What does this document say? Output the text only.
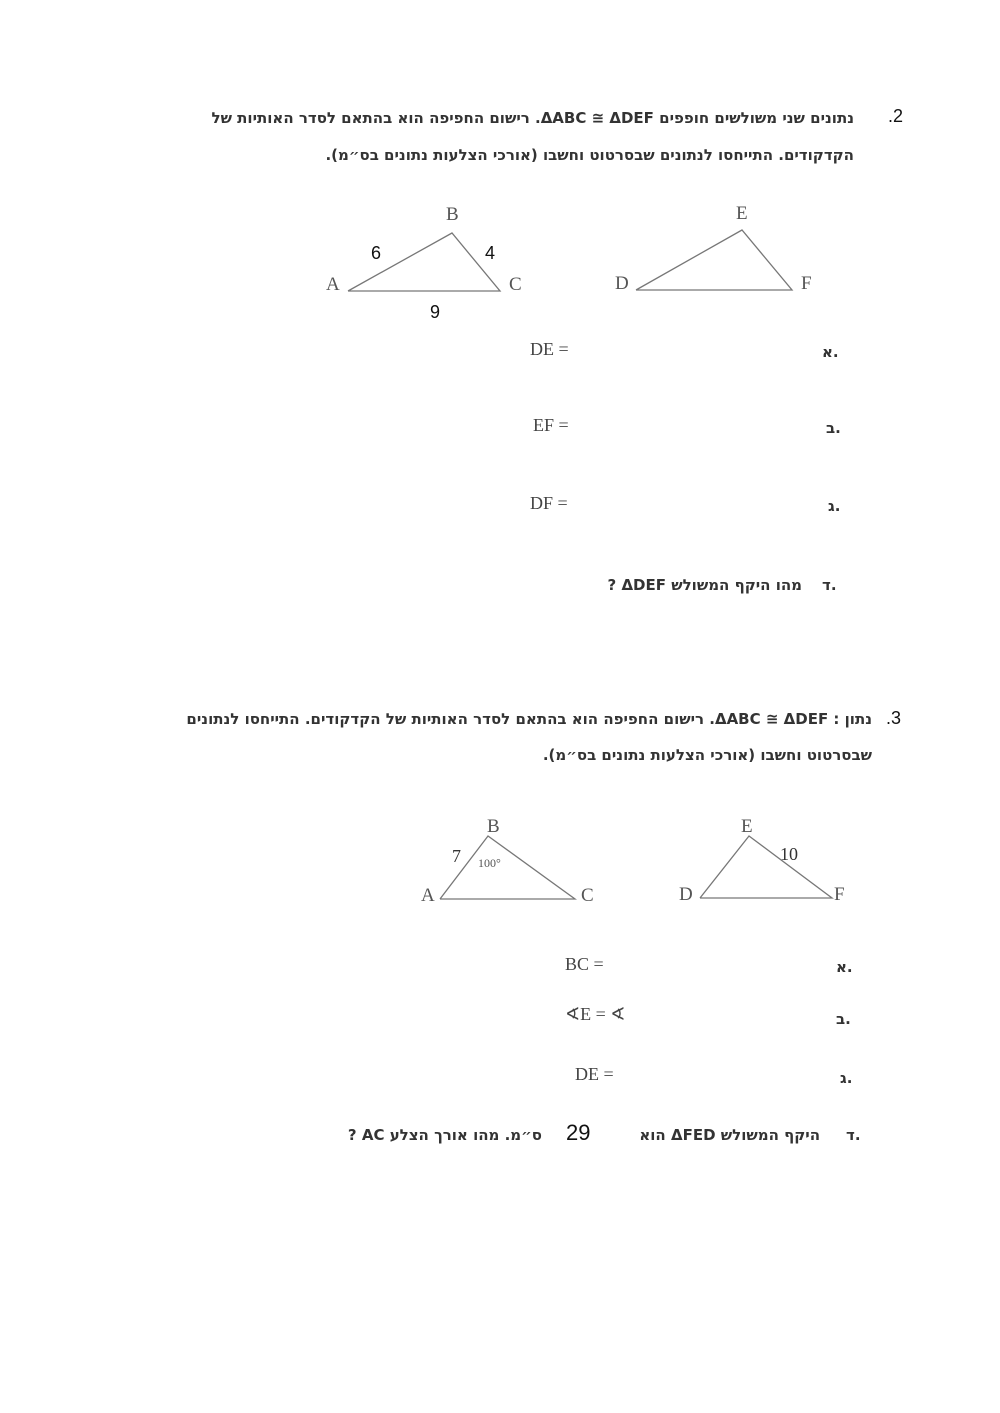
.2
נתונים שני משולשים חופפים ΔABC ≅ ΔDEF. רישום החפיפה הוא בהתאם לסדר האותיות של
הקדקודים. התייחסו לנתונים שבסרטוט וחשבו (אורכי הצלעות נתונים בס״מ).
A
B
C
6	4
9
D
E
F
.א
DE =
.ב
EF =
.ג
DF =
.ד
מהו היקף המשולש ΔDEF ?
.3
נתון : ΔABC ≅ ΔDEF. רישום החפיפה הוא בהתאם לסדר האותיות של הקדקודים. התייחסו לנתונים
שבסרטוט וחשבו (אורכי הצלעות נתונים בס״מ).
A
B
C
7 100°
D
E
F
10
.א
BC =
.ב
∢E = ∢
.ג
DE =
.ד
היקף המשולש ΔFED הוא
29
ס״מ. מהו אורך הצלע AC ?
